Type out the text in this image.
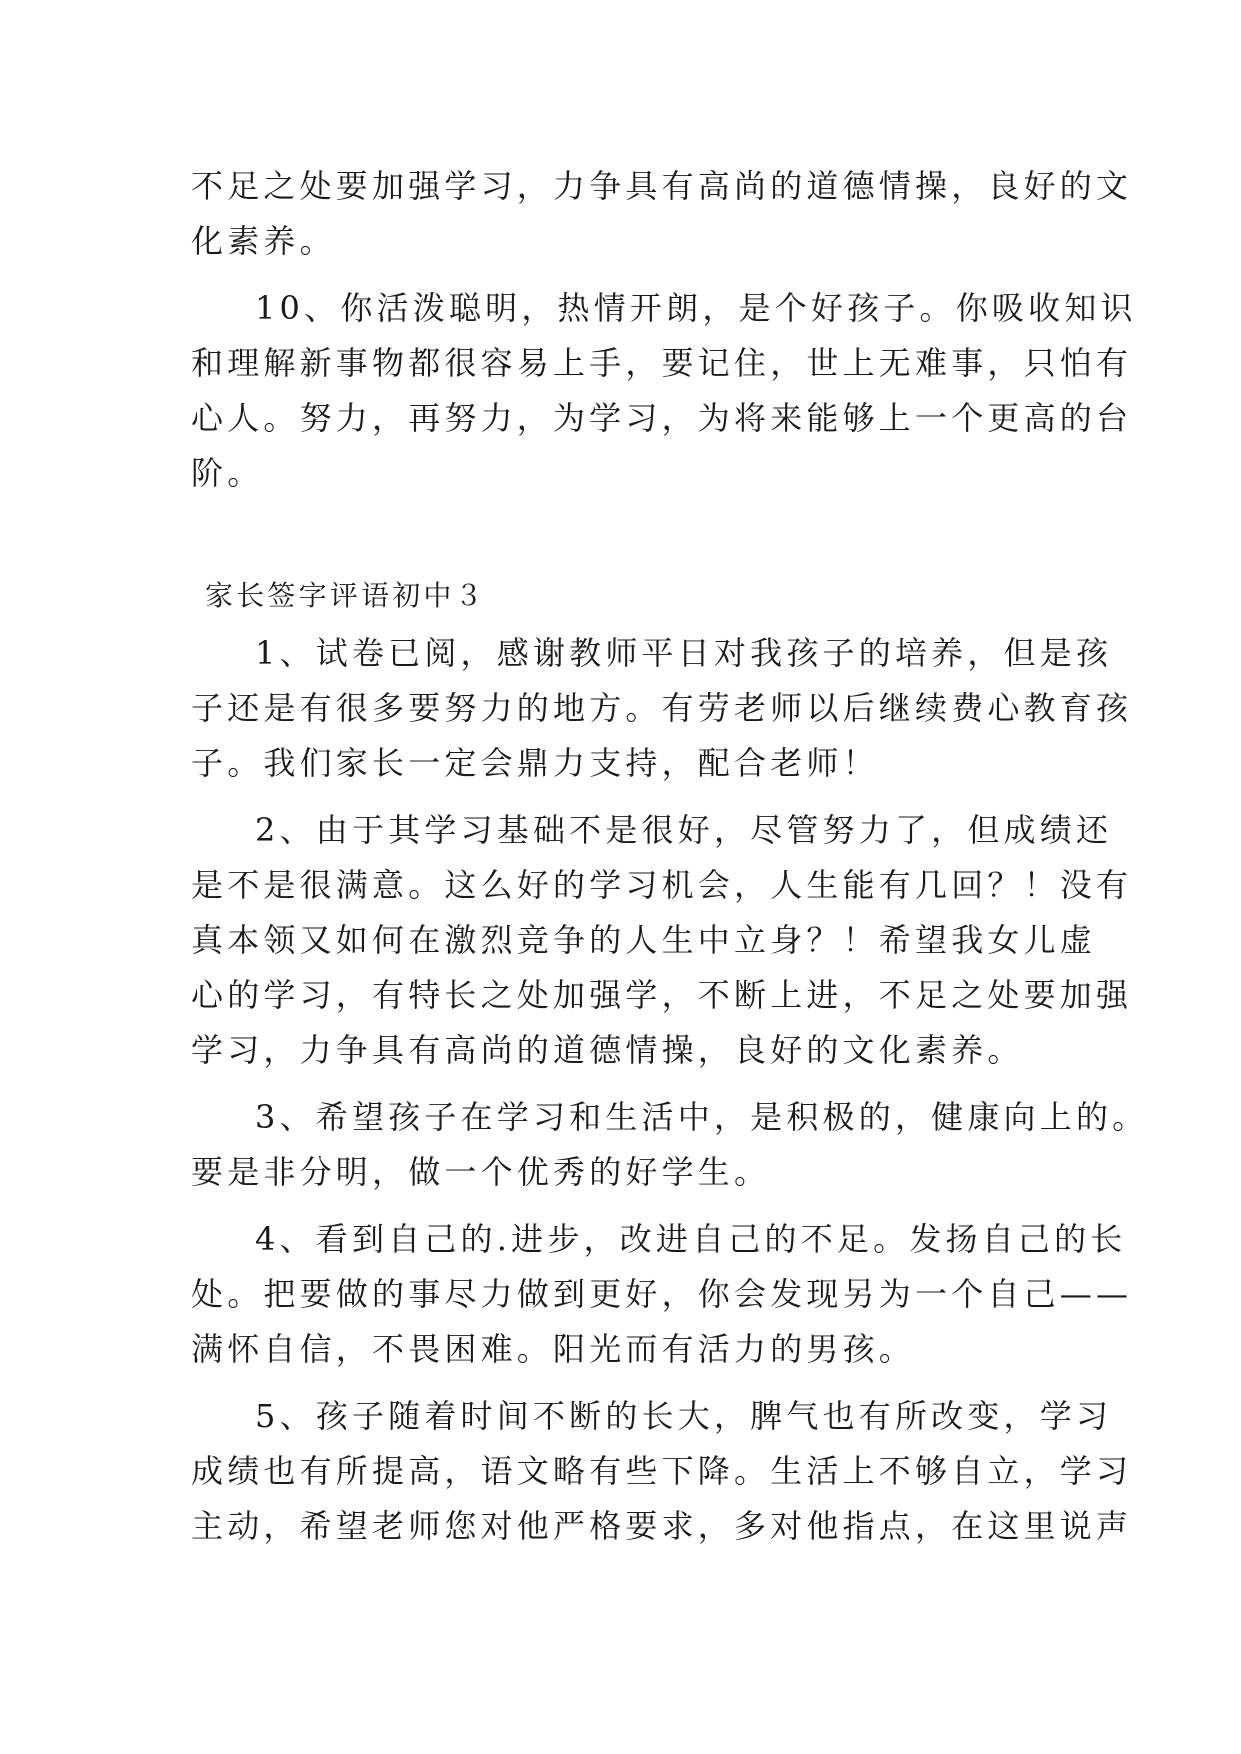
不足之处要加强学习，力争具有高尚的道德情操，良好的文
化素养。
10、你活泼聪明，热情开朗，是个好孩子。你吸收知识
和理解新事物都很容易上手，要记住，世上无难事，只怕有
心人。努力，再努力，为学习，为将来能够上一个更高的台
阶。
家长签字评语初中３
1、试卷已阅，感谢教师平日对我孩子的培养，但是孩
子还是有很多要努力的地方。有劳老师以后继续费心教育孩
子。我们家长一定会鼎力支持，配合老师！
2、由于其学习基础不是很好，尽管努力了，但成绩还
是不是很满意。这么好的学习机会，人生能有几回？！没有
真本领又如何在激烈竞争的人生中立身？！希望我女儿虚
心的学习，有特长之处加强学，不断上进，不足之处要加强
学习，力争具有高尚的道德情操，良好的文化素养。
3、希望孩子在学习和生活中，是积极的，健康向上的。
要是非分明，做一个优秀的好学生。
4、看到自己的.进步，改进自己的不足。发扬自己的长
处。把要做的事尽力做到更好，你会发现另为一个自己——
满怀自信，不畏困难。阳光而有活力的男孩。
5、孩子随着时间不断的长大，脾气也有所改变，学习
成绩也有所提高，语文略有些下降。生活上不够自立，学习
主动，希望老师您对他严格要求，多对他指点，在这里说声
